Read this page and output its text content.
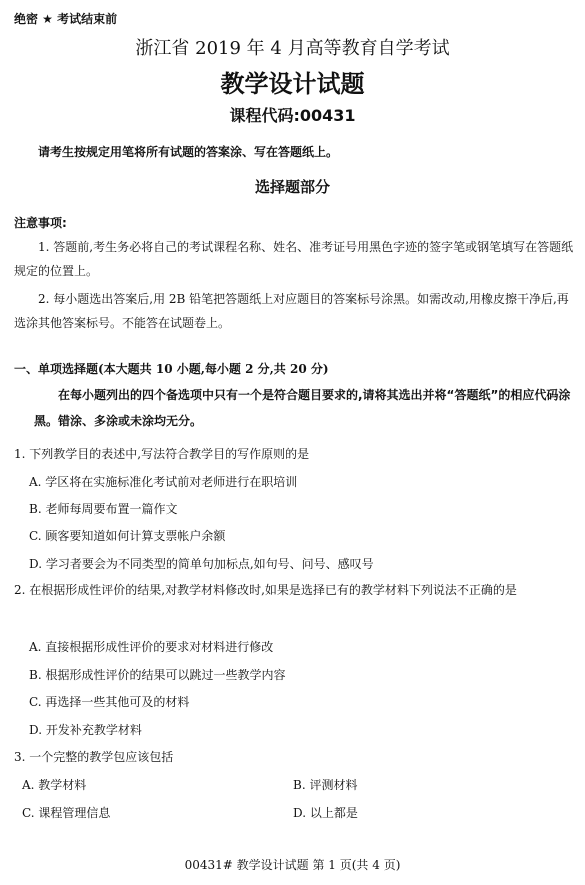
绝密 ★ 考试结束前
浙江省 2019 年 4 月高等教育自学考试
教学设计试题
课程代码:00431
请考生按规定用笔将所有试题的答案涂、写在答题纸上。
选择题部分
注意事项:
1. 答题前,考生务必将自己的考试课程名称、姓名、准考证号用黑色字迹的签字笔或钢笔填写在答题纸规定的位置上。
2. 每小题选出答案后,用 2B 铅笔把答题纸上对应题目的答案标号涂黑。如需改动,用橡皮擦干净后,再选涂其他答案标号。不能答在试题卷上。
一、单项选择题(本大题共 10 小题,每小题 2 分,共 20 分)
在每小题列出的四个备选项中只有一个是符合题目要求的,请将其选出并将“答题纸”的相应代码涂黑。错涂、多涂或未涂均无分。
1. 下列教学目的表述中,写法符合教学目的写作原则的是
A. 学区将在实施标准化考试前对老师进行在职培训
B. 老师每周要布置一篇作文
C. 顾客要知道如何计算支票帐户余额
D. 学习者要会为不同类型的简单句加标点,如句号、问号、感叹号
2. 在根据形成性评价的结果,对教学材料修改时,如果是选择已有的教学材料下列说法不正确的是
A. 直接根据形成性评价的要求对材料进行修改
B. 根据形成性评价的结果可以跳过一些教学内容
C. 再选择一些其他可及的材料
D. 开发补充教学材料
3. 一个完整的教学包应该包括
A. 教学材料	B. 评测材料
C. 课程管理信息	D. 以上都是
00431# 教学设计试题 第 1 页(共 4 页)
